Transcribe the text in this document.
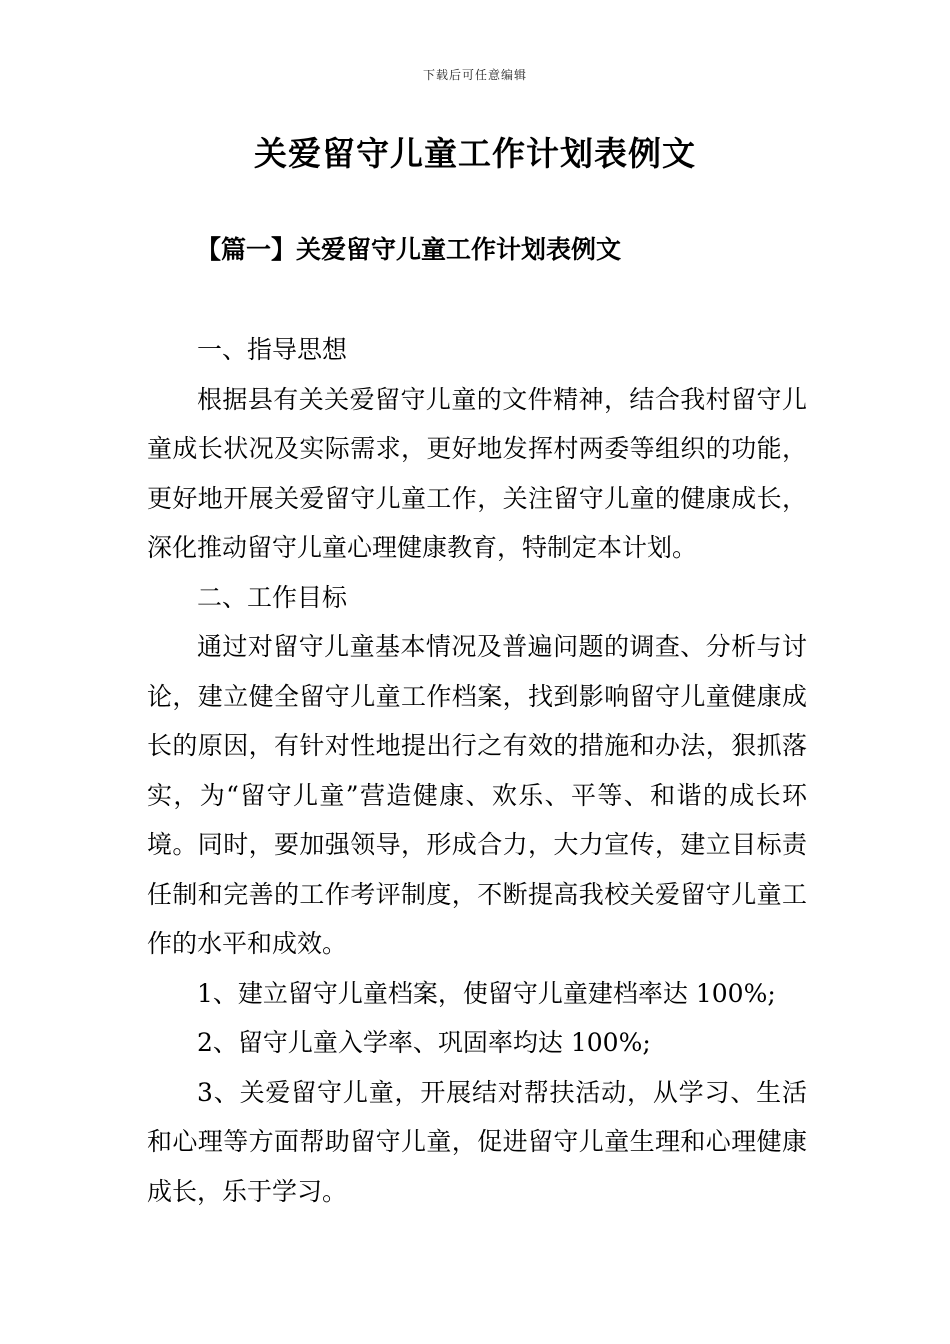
下载后可任意编辑
关爱留守儿童工作计划表例文
【篇一】关爱留守儿童工作计划表例文

一、指导思想

根据县有关关爱留守儿童的文件精神，结合我村留守儿童成长状况及实际需求，更好地发挥村两委等组织的功能，更好地开展关爱留守儿童工作，关注留守儿童的健康成长，深化推动留守儿童心理健康教育，特制定本计划。

二、工作目标

通过对留守儿童基本情况及普遍问题的调查、分析与讨论，建立健全留守儿童工作档案，找到影响留守儿童健康成长的原因，有针对性地提出行之有效的措施和办法，狠抓落实，为“留守儿童”营造健康、欢乐、平等、和谐的成长环境。同时，要加强领导，形成合力，大力宣传，建立目标责任制和完善的工作考评制度，不断提高我校关爱留守儿童工作的水平和成效。

1、建立留守儿童档案，使留守儿童建档率达 100%;

2、留守儿童入学率、巩固率均达 100%;

3、关爱留守儿童，开展结对帮扶活动，从学习、生活和心理等方面帮助留守儿童，促进留守儿童生理和心理健康成长，乐于学习。
